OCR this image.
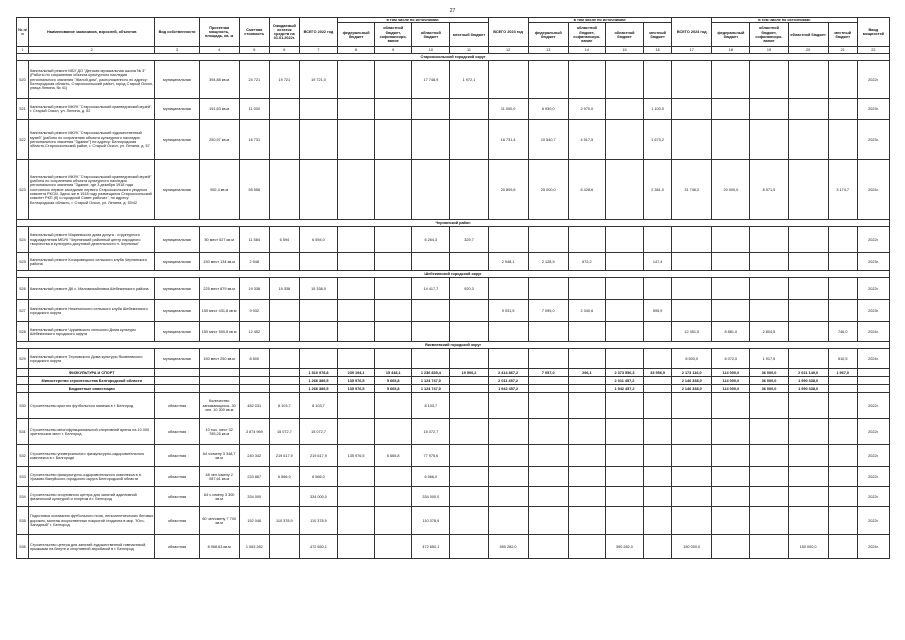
27
№ п/п	Наименование заказчиков, взрослей, объектов	Вид собственности	Проектная мощность, площадь, кв. м	Сметная стоимость	Ожидаемый остаток средств на 01.01.2022г.	ВСЕГО 2022 год	в том числе по источникам:				ВСЕГО 2023 год	в том числе по источникам:				ВСЕГО 2024 год	в том числе по источникам:				Ввод мощностей
							федеральный бюджет	областной бюджет, софинансиро-вание	областной бюджет	местный бюджет		федеральный бюджет	областной бюджет, софинансиро-вание	областной бюджет	местный бюджет		федеральный бюджет	областной бюджет, софинансиро-вание	областной бюджет	местный бюджет	
1	2	3	4	5	6	7	8	9	10	11	12	13	14	15	16	17	18	19	20	21	22
Старооскольский городской округ																					
520	Капитальный ремонт МБУ ДО "Детская музыкальная школа № 3" (Работы по сохранению объекта культурного наследия регионального значения "Жилой дом", расположенного по адресу: Белгородская область, Старооскольский район, город Старый Оскол, улица Ленина, № 41)	муниципальная	394,88 кв.м	24 721	19 721	19 721,0			17 748,9	1 972,1											2022г.
521	Капитальный ремонт МКУК "Старооскольский краеведческий музей", г. Старый Оскол, ул. Ленина, д. 52	муниципальная	191,63 кв.м	11 000							11 000,0	6 930,0	2 970,0		1 100,0						2023г.
522	Капитальный ремонт МКУК "Старооскольский художественный музей" (работы по сохранению объекта культурного наследия регионального значения "Здание") по адресу: Белгородская область,Старооскольский район, г. Старый Оскол, ул. Ленина, д. 57	муниципальная	250,97 кв.м	16 731							16 731,4	10 540,7	4 517,5		1 673,2						2023г.
523	Капитальный ремонт МКУК "Старооскольский краеведческий музей" (работы по сохранению объекта культурного наследия регионального значения "Здание, где 3 декабря 1918 года состоялось первое заседание первого Старооскольского уездного комитета РКСМ. Здесь же в 1918 году размещался Старооскольский комитет РКП (б) и городской Совет рабочих", по адресу: Белгородская область, г. Старый Оскол, ул. Ленина, д. 50/42	муниципальная	952,4 кв.м	55 556							20 809,6	25 000,0	6 428,6		2 381,0	31 746,2	20 000,0	8 571,5		3 174,7	2024г.
Чернянский район																					
524	Капитальный ремонт Мариевского дома досуга - структурного подразделения МБУК "Чернянский районный центр народного творчества и культурно-досуговой деятельности п. Чернянка"	муниципальная	50 мест 527 кв.м	11 584	6 594	6 594,0			6 264,3	329,7											2022г.
525	Капитальный ремонт Кочаровецкого сельского клуба Чернянского района	муниципальная	150 мест 134 кв.м	2 948							2 948,1	2 128,5	672,2		147,4						2023г.
Шебекинский городской округ																					
526	Капитальный ремонт ДК с. Маломихайловка Шебекинского района	муниципальная	225 мест 879 кв.м	19 338	15 338	15 338,0			14 417,7	920,3											2022г.
527	Капитальный ремонт Нежеголского сельского клуба Шебекинского городского округа	муниципальная	150 мест 431,8 кв.м	9 932							9 931,5	7 095,0	2 340,6		595,9						2023г.
528	Капитальный ремонт Чураевского сельского Дома культуры Шебекинского городского округа	муниципальная	150 мест 590,5 кв.м	12 452												12 451,5	8 881,0	2 804,5		746,0	2024г.
Яковлевский городской округ																					
529	Капитальный ремонт Терновского Дома культуры Яковлевского городского округа	муниципальная	150 мест 250 кв.м	8 500												8 500,0	6 072,0	1 917,5		510,5	2024г.
	ФИЗКУЛЬТУРА И СПОРТ					1 510 978,8	239 194,1	15 448,1	1 236 835,4	19 500,2	2 414 867,2	7 057,0	296,1	2 373 556,3	33 956,9	2 173 116,0	114 000,0	36 000,0	2 021 149,0	1 967,0	
	Министерство строительства Белгородской области					1 266 389,5	135 976,5	5 665,8	1 124 747,0		2 011 457,2			2 011 457,2		2 140 338,0	114 000,0	36 000,0	1 990 338,0		
	Бюджетные инвестиции					1 266 389,5	135 976,5	5 665,8	1 124 747,0		1 942 457,2			1 942 457,2		2 140 338,0	114 000,0	36 000,0	1 990 338,0		
530	Строительство крытого футбольного манежа в г. Белгород	областная	Количество занимающихся- 30 чел. 10 300 кв.м	482 031	8 103,7	8 103,7			8 103,7												2022г.
531	Строительство многофункциональной спортивной арены на 10 000 зрительских мест г. Белгород	областная	10 тыс. мест 32 785,26 кв.м	3 874 969	15 072,7	15 072,7			15 072,7												2022г.
532	Строительство универсального физкультурно-оздоровительного комплекса в г. Белгороде	областная	64 ч/смену 3 348,7 кв.м	240 342	219 617,9	219 617,9	135 976,5	5 665,8	77 975,6												2022г.
533	Строительство физкультурно-оздоровительного комплекса в п. Уразово Валуйского городского округа Белгородской области	областная	48 чел./смену 2 087,61 кв.м	233 867	6 566,0	6 566,0			6 566,0												2022г.
534	Строительство спортивного центра для занятий адаптивной физической культурой и спортом в г. Белгород	областная	64 ч./смену 3 300 кв.м	334 000		334 000,0			334 000,0												2022г.
535	Подготовка основания футбольного поля, легкоатлетических беговых дорожек, монтаж искусственных покрытий стадиона в мкр. "Юго-Западный" г. Белгород	областная	60 чел/смену 7 700 кв.м	152 046	110 378,9	110 378,9			110 378,9												2022г.
536	Строительство центра для занятий художественной гимнастикой, прыжками на батуте и спортивной аэробикой в г. Белгород	областная	8 968,63 кв.м	1 063 282		472 650,1			472 650,1		590 282,0			390 282,0		150 000,0			150 000,0		2024г.
